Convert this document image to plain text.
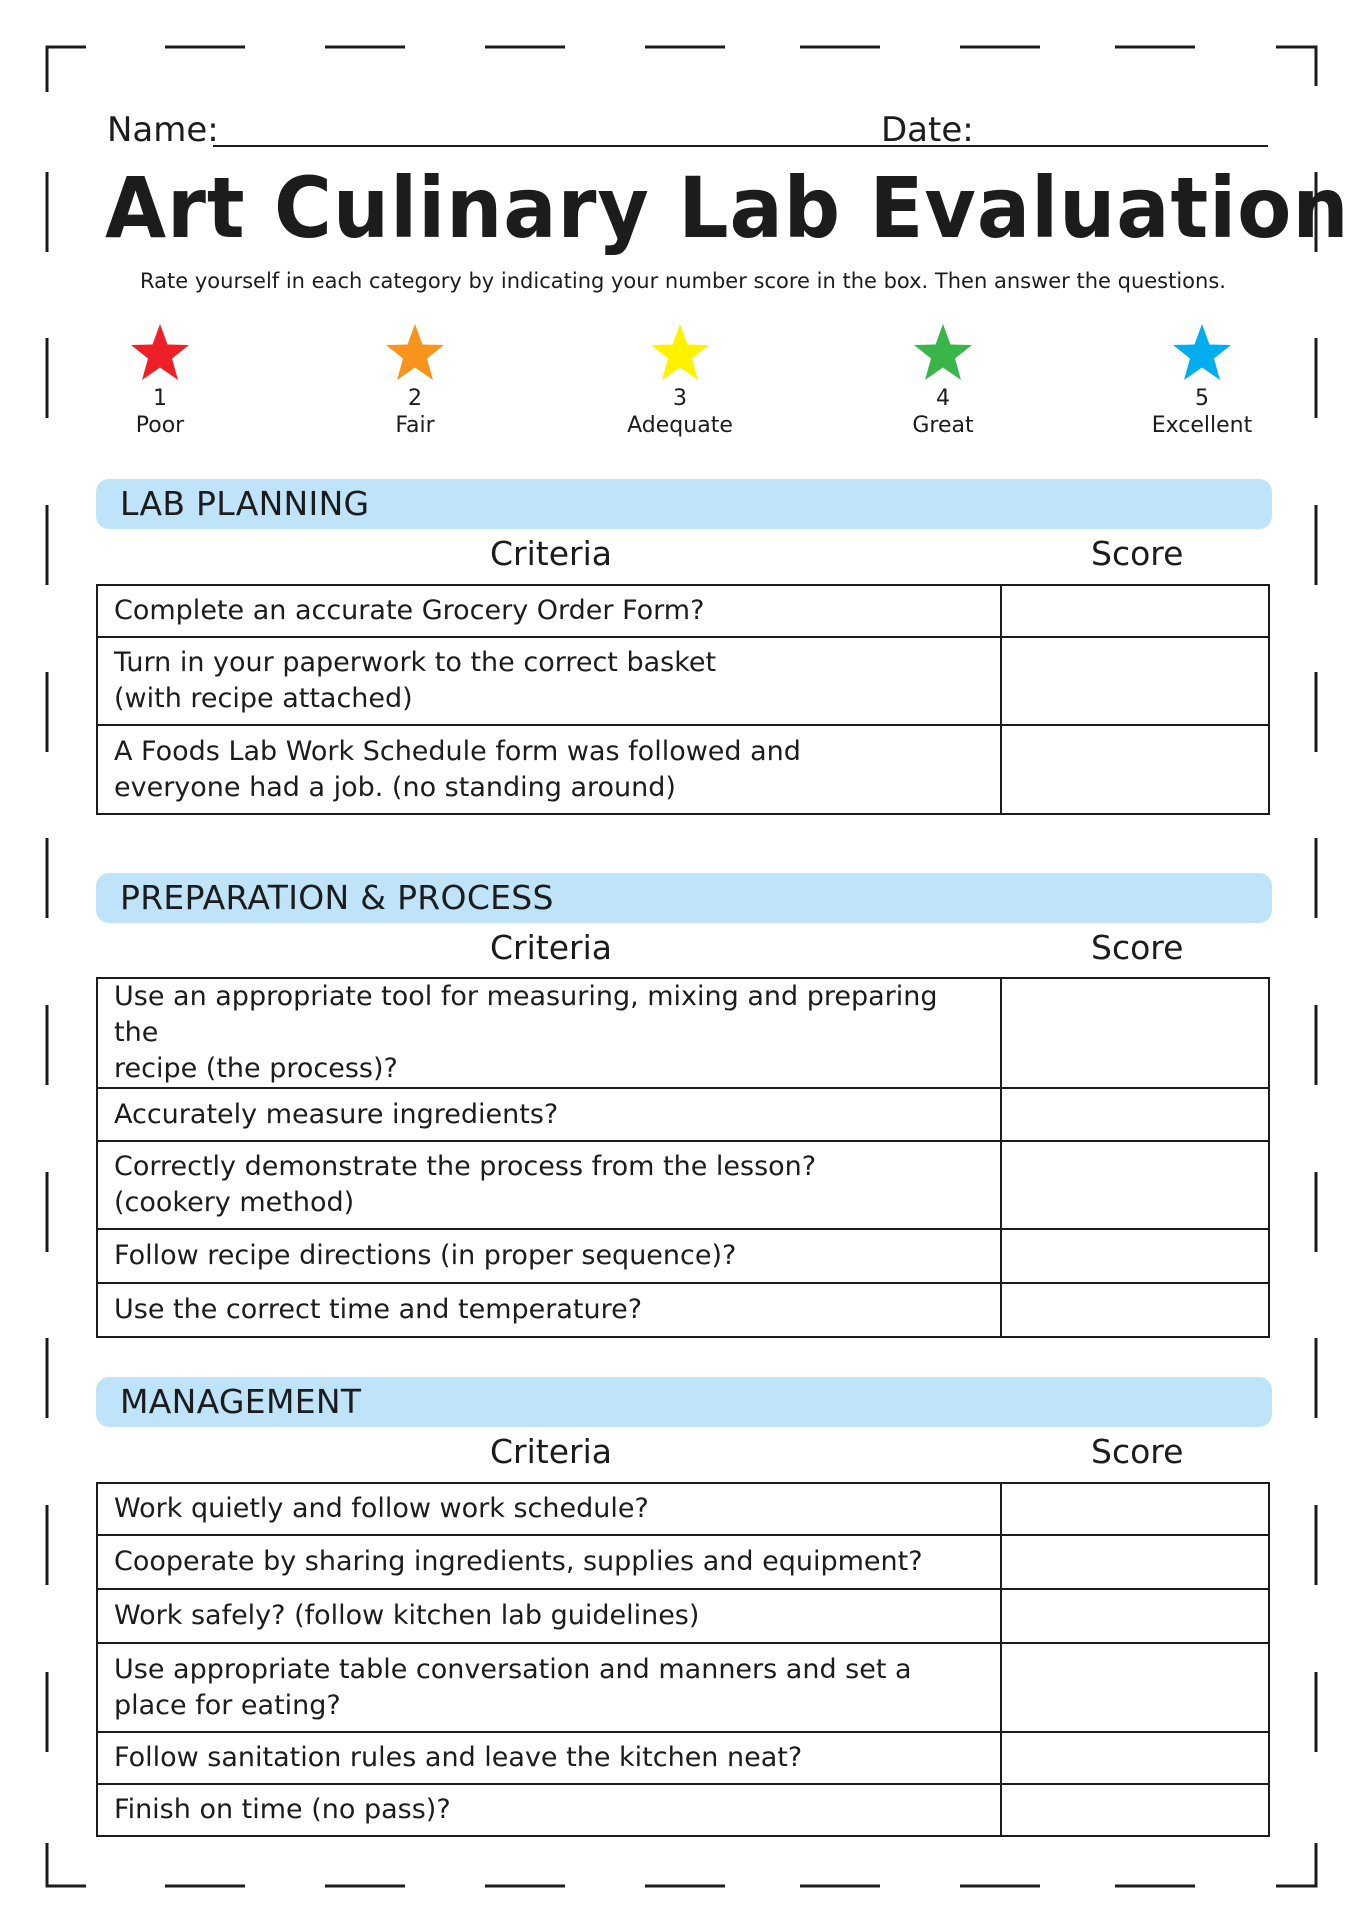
Name:	Date:
Art Culinary Lab Evaluation
Rate yourself in each category by indicating your number score in the box. Then answer the questions.
1
Poor
2
Fair
3
Adequate
4
Great
5
Excellent
LAB PLANNING
Criteria	Score
Complete an accurate Grocery Order Form?	
Turn in your paperwork to the correct basket
(with recipe attached)	
A Foods Lab Work Schedule form was followed and
everyone had a job. (no standing around)	
PREPARATION & PROCESS
Criteria	Score
Use an appropriate tool for measuring, mixing and preparing the
recipe (the process)?	
Accurately measure ingredients?	
Correctly demonstrate the process from the lesson?
(cookery method)	
Follow recipe directions (in proper sequence)?	
Use the correct time and temperature?	
MANAGEMENT
Criteria	Score
Work quietly and follow work schedule?	
Cooperate by sharing ingredients, supplies and equipment?	
Work safely? (follow kitchen lab guidelines)	
Use appropriate table conversation and manners and set a
place for eating?	
Follow sanitation rules and leave the kitchen neat?	
Finish on time (no pass)?	
